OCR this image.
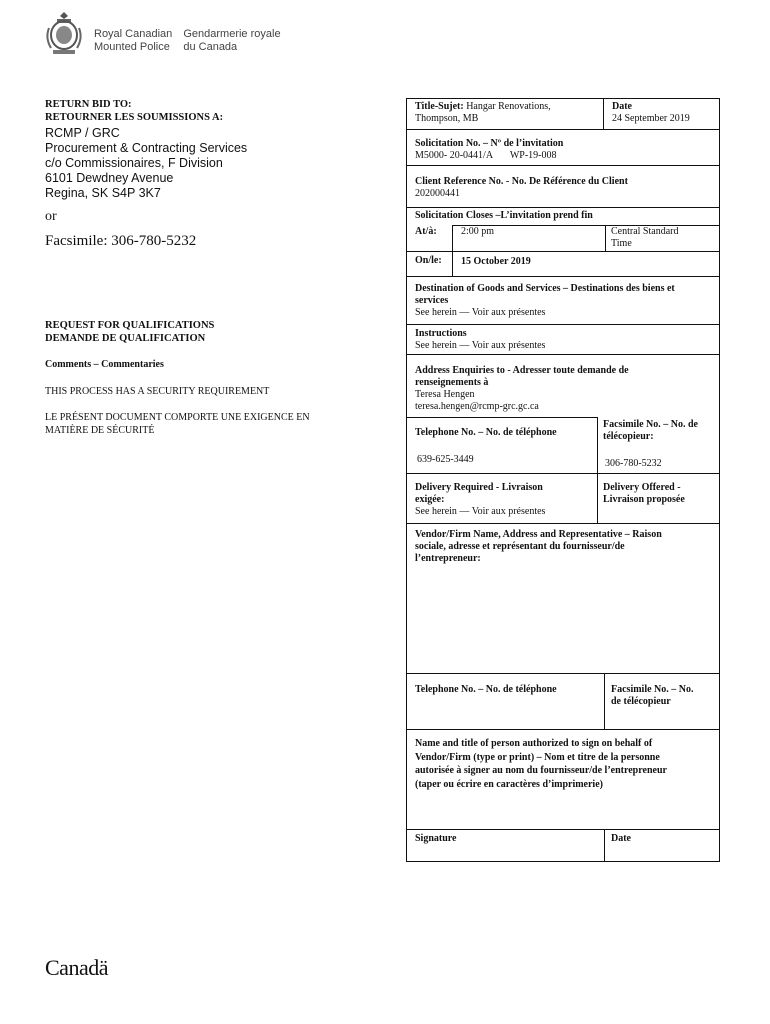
Royal Canadian
Mounted Police

Gendarmerie royale
du Canada
RETURN BID TO:
RETOURNER LES SOUMISSIONS A:
RCMP / GRC
Procurement & Contracting Services
c/o Commissionaires, F Division
6101 Dewdney Avenue
Regina, SK S4P 3K7
or
Facsimile: 306-780-5232
REQUEST FOR QUALIFICATIONS
DEMANDE DE QUALIFICATION
Comments – Commentaries
THIS PROCESS HAS A SECURITY REQUIREMENT
LE PRÉSENT DOCUMENT COMPORTE UNE EXIGENCE EN
MATIÈRE DE SÉCURITÉ
Title-Sujet: Hangar Renovations,
Thompson, MB
Date
24 September 2019
Solicitation No. – Nº de l’invitation
M5000- 20-0441/A       WP-19-008
Client Reference No. - No. De Référence du Client
202000441
Solicitation Closes –L’invitation prend fin
At/à: 2:00 pm	Central Standard
Time
On/le: 15 October 2019
Destination of Goods and Services – Destinations des biens et
services
See herein — Voir aux présentes
Instructions
See herein — Voir aux présentes
Address Enquiries to - Adresser toute demande de
renseignements à
Teresa Hengen
teresa.hengen@rcmp-grc.gc.ca
Telephone No. – No. de téléphone
639-625-3449
Facsimile No. – No. de
télécopieur:
306-780-5232
Delivery Required - Livraison
exigée:
See herein — Voir aux présentes
Delivery Offered -
Livraison proposée
Vendor/Firm Name, Address and Representative – Raison
sociale, adresse et représentant du fournisseur/de
l’entrepreneur:
Telephone No. – No. de téléphone	Facsimile No. – No.
de télécopieur
Name and title of person authorized to sign on behalf of
Vendor/Firm (type or print) – Nom et titre de la personne
autorisée à signer au nom du fournisseur/de l’entrepreneur
(taper ou écrire en caractères d’imprimerie)
Signature	Date
Canadä
